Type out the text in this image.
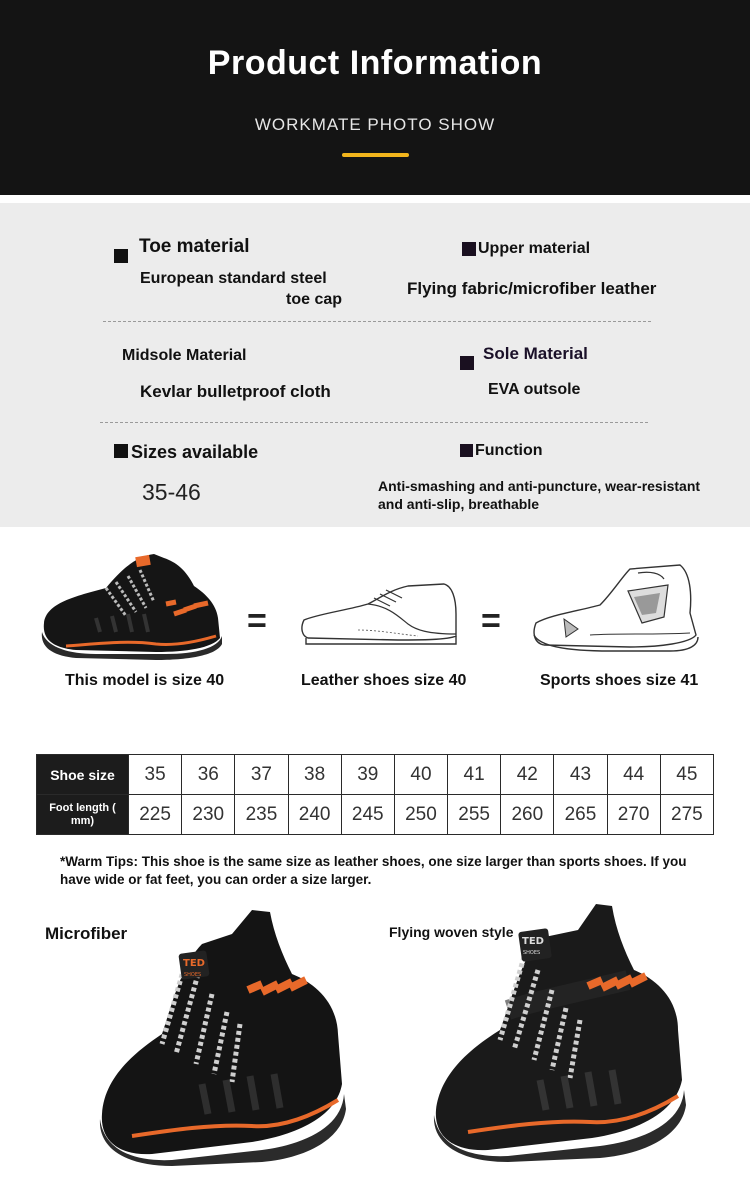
Product Information
WORKMATE PHOTO SHOW
Toe material
European standard steel
toe cap
Upper material
Flying fabric/microfiber leather
Midsole Material
Kevlar bulletproof cloth
Sole Material
EVA outsole
Sizes available
35-46
Function
Anti-smashing and anti-puncture, wear-resistant
and anti-slip, breathable
=	=
This model is size 40	Leather shoes size 40	Sports shoes size 41
Shoe size	35	36	37	38	39	40	41	42	43	44	45
Foot length ( mm)	225	230	235	240	245	250	255	260	265	270	275
*Warm Tips: This shoe is the same size as leather shoes, one size larger than sports shoes. If you have wide or fat feet, you can order a size larger.
Microfiber	Flying woven style
TED
SHOES
TED
SHOES
